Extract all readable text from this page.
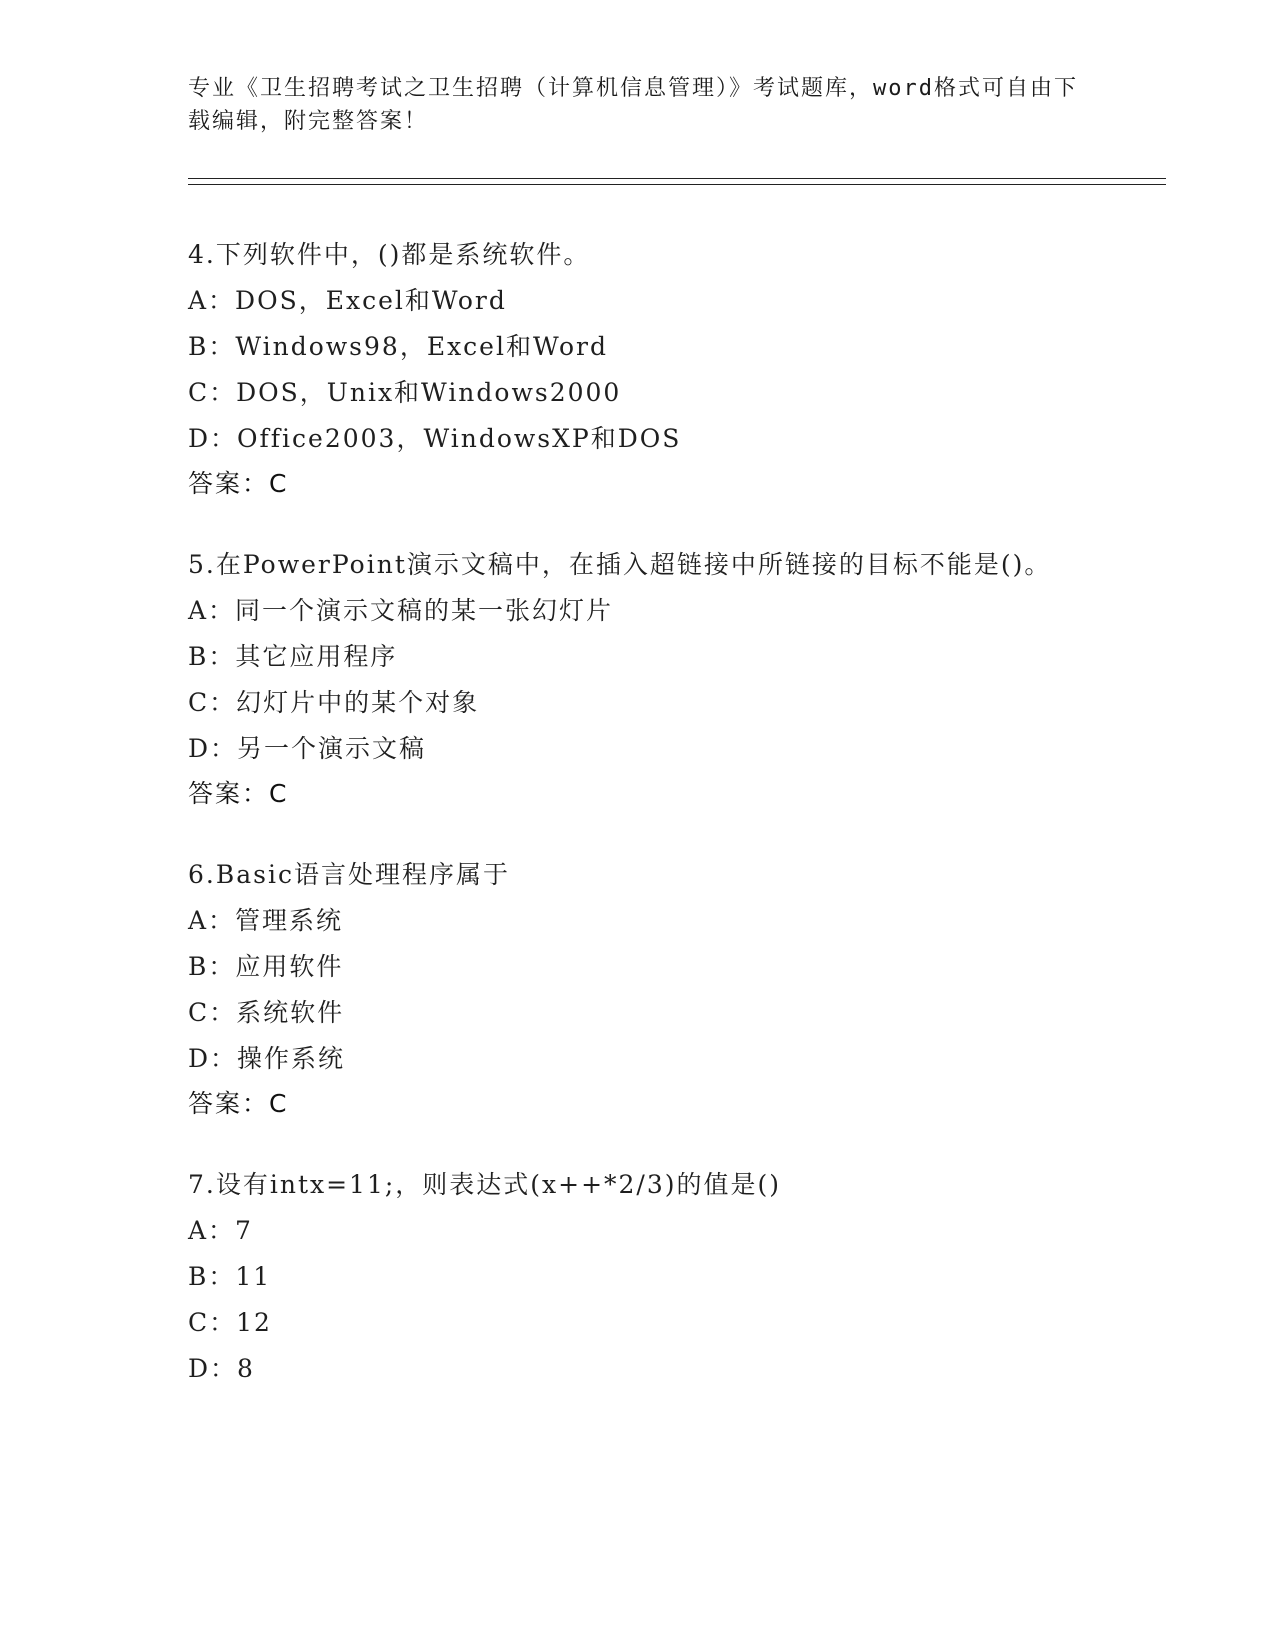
专业《卫生招聘考试之卫生招聘（计算机信息管理）》考试题库，word格式可自由下载编辑，附完整答案！
4.下列软件中，()都是系统软件。
A：DOS，Excel和Word
B：Windows98，Excel和Word
C：DOS，Unix和Windows2000
D：Office2003，WindowsXP和DOS
答案：C
5.在PowerPoint演示文稿中，在插入超链接中所链接的目标不能是()。
A：同一个演示文稿的某一张幻灯片
B：其它应用程序
C：幻灯片中的某个对象
D：另一个演示文稿
答案：C
6.Basic语言处理程序属于
A：管理系统
B：应用软件
C：系统软件
D：操作系统
答案：C
7.设有intx=11;，则表达式(x++*2/3)的值是()
A：7
B：11
C：12
D：8
